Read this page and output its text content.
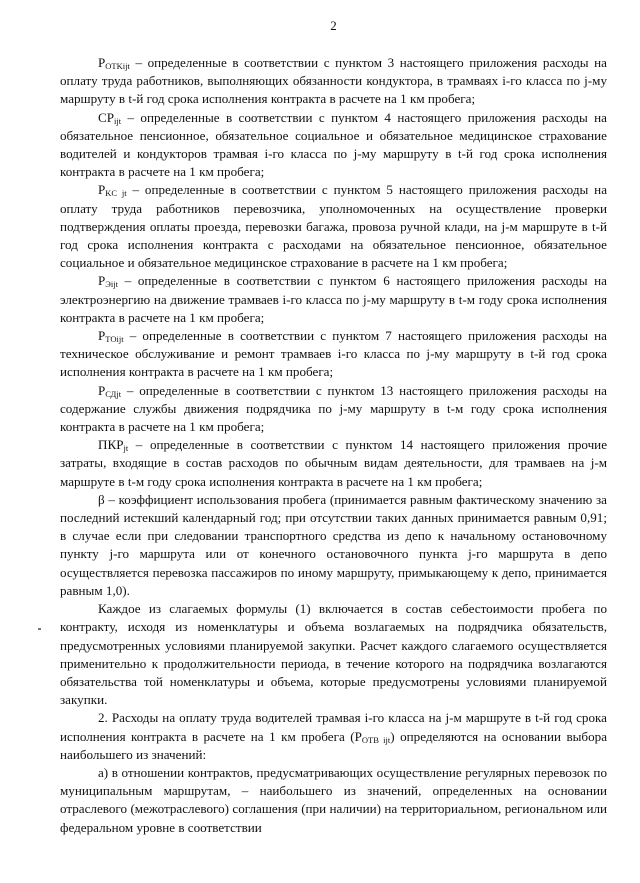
2

$P_{OTKijt}$ – определенные в соответствии с пунктом 3 настоящего приложения расходы на оплату труда работников, выполняющих обязанности кондуктора, в трамваях i-го класса по j-му маршруту в t-й год срока исполнения контракта в расчете на 1 км пробега;

$CP_{ijt}$ – определенные в соответствии с пунктом 4 настоящего приложения расходы на обязательное пенсионное, обязательное социальное и обязательное медицинское страхование водителей и кондукторов трамвая i-го класса по j-му маршруту в t-й год срока исполнения контракта в расчете на 1 км пробега;

$P_{KC jt}$ – определенные в соответствии с пунктом 5 настоящего приложения расходы на оплату труда работников перевозчика, уполномоченных на осуществление проверки подтверждения оплаты проезда, перевозки багажа, провоза ручной клади, на j-м маршруте в t-й год срока исполнения контракта с расходами на обязательное пенсионное, обязательное социальное и обязательное медицинское страхование в расчете на 1 км пробега;

$P_{Эijt}$ – определенные в соответствии с пунктом 6 настоящего приложения расходы на электроэнергию на движение трамваев i-го класса по j-му маршруту в t-м году срока исполнения контракта в расчете на 1 км пробега;

$P_{TOijt}$ – определенные в соответствии с пунктом 7 настоящего приложения расходы на техническое обслуживание и ремонт трамваев i-го класса по j-му маршруту в t-й год срока исполнения контракта в расчете на 1 км пробега;

$P_{СДjt}$ – определенные в соответствии с пунктом 13 настоящего приложения расходы на содержание службы движения подрядчика по j-му маршруту в t-м году срока исполнения контракта в расчете на 1 км пробега;

$ПКР_{jt}$ – определенные в соответствии с пунктом 14 настоящего приложения прочие затраты, входящие в состав расходов по обычным видам деятельности, для трамваев на j-м маршруте в t-м году срока исполнения контракта в расчете на 1 км пробега;

β – коэффициент использования пробега (принимается равным фактическому значению за последний истекший календарный год; при отсутствии таких данных принимается равным 0,91; в случае если при следовании транспортного средства из депо к начальному остановочному пункту j-го маршрута или от конечного остановочного пункта j-го маршрута в депо осуществляется перевозка пассажиров по иному маршруту, примыкающему к депо, принимается равным 1,0).

Каждое из слагаемых формулы (1) включается в состав себестоимости пробега по контракту, исходя из номенклатуры и объема возлагаемых на подрядчика обязательств, предусмотренных условиями планируемой закупки. Расчет каждого слагаемого осуществляется применительно к продолжительности периода, в течение которого на подрядчика возлагаются обязательства той номенклатуры и объема, которые предусмотрены условиями планируемой закупки.

2. Расходы на оплату труда водителей трамвая i-го класса на j-м маршруте в t-й год срока исполнения контракта в расчете на 1 км пробега $(P_{ОТВ ijt})$ определяются на основании выбора наибольшего из значений:

а) в отношении контрактов, предусматривающих осуществление регулярных перевозок по муниципальным маршрутам, – наибольшего из значений, определенных на основании отраслевого (межотраслевого) соглашения (при наличии) на территориальном, региональном или федеральном уровне в соответствии
